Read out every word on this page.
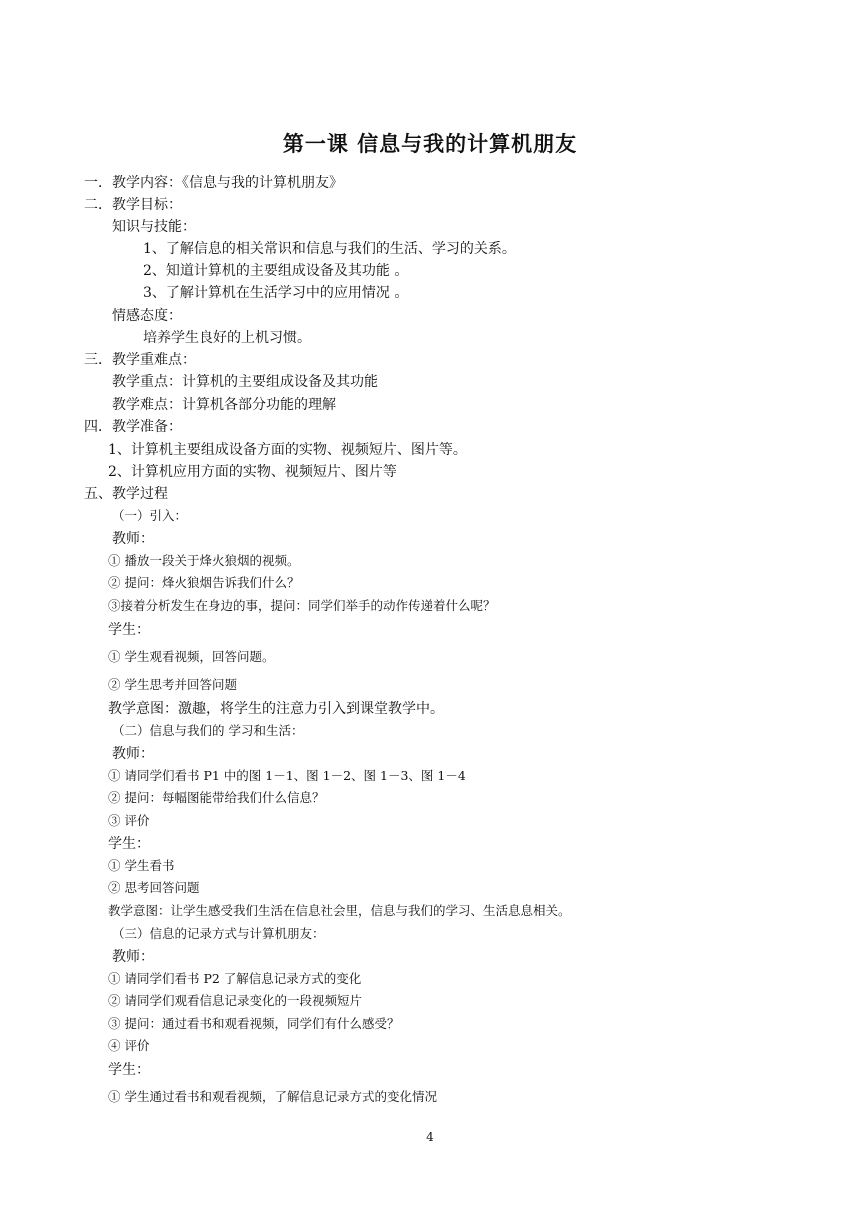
第一课 信息与我的计算机朋友
一．教学内容：《信息与我的计算机朋友》
二．教学目标：
知识与技能：
1、了解信息的相关常识和信息与我们的生活、学习的关系。
2、知道计算机的主要组成设备及其功能 。
3、了解计算机在生活学习中的应用情况 。
情感态度：
培养学生良好的上机习惯。
三．教学重难点：
教学重点：计算机的主要组成设备及其功能
教学难点：计算机各部分功能的理解
四．教学准备：
1、计算机主要组成设备方面的实物、视频短片、图片等。
2、计算机应用方面的实物、视频短片、图片等
五、教学过程
（一）引入：
教师：
① 播放一段关于烽火狼烟的视频。
② 提问：烽火狼烟告诉我们什么？
③接着分析发生在身边的事，提问：同学们举手的动作传递着什么呢？
学生：
① 学生观看视频，回答问题。
② 学生思考并回答问题
教学意图：激趣，将学生的注意力引入到课堂教学中。
（二）信息与我们的 学习和生活：
教师：
① 请同学们看书 P1 中的图 1－1、图 1－2、图 1－3、图 1－4
② 提问：每幅图能带给我们什么信息？
③ 评价
学生：
① 学生看书
② 思考回答问题
教学意图：让学生感受我们生活在信息社会里，信息与我们的学习、生活息息相关。
（三）信息的记录方式与计算机朋友：
教师：
① 请同学们看书 P2 了解信息记录方式的变化
② 请同学们观看信息记录变化的一段视频短片
③ 提问：通过看书和观看视频，同学们有什么感受？
④ 评价
学生：
① 学生通过看书和观看视频，了解信息记录方式的变化情况
4
